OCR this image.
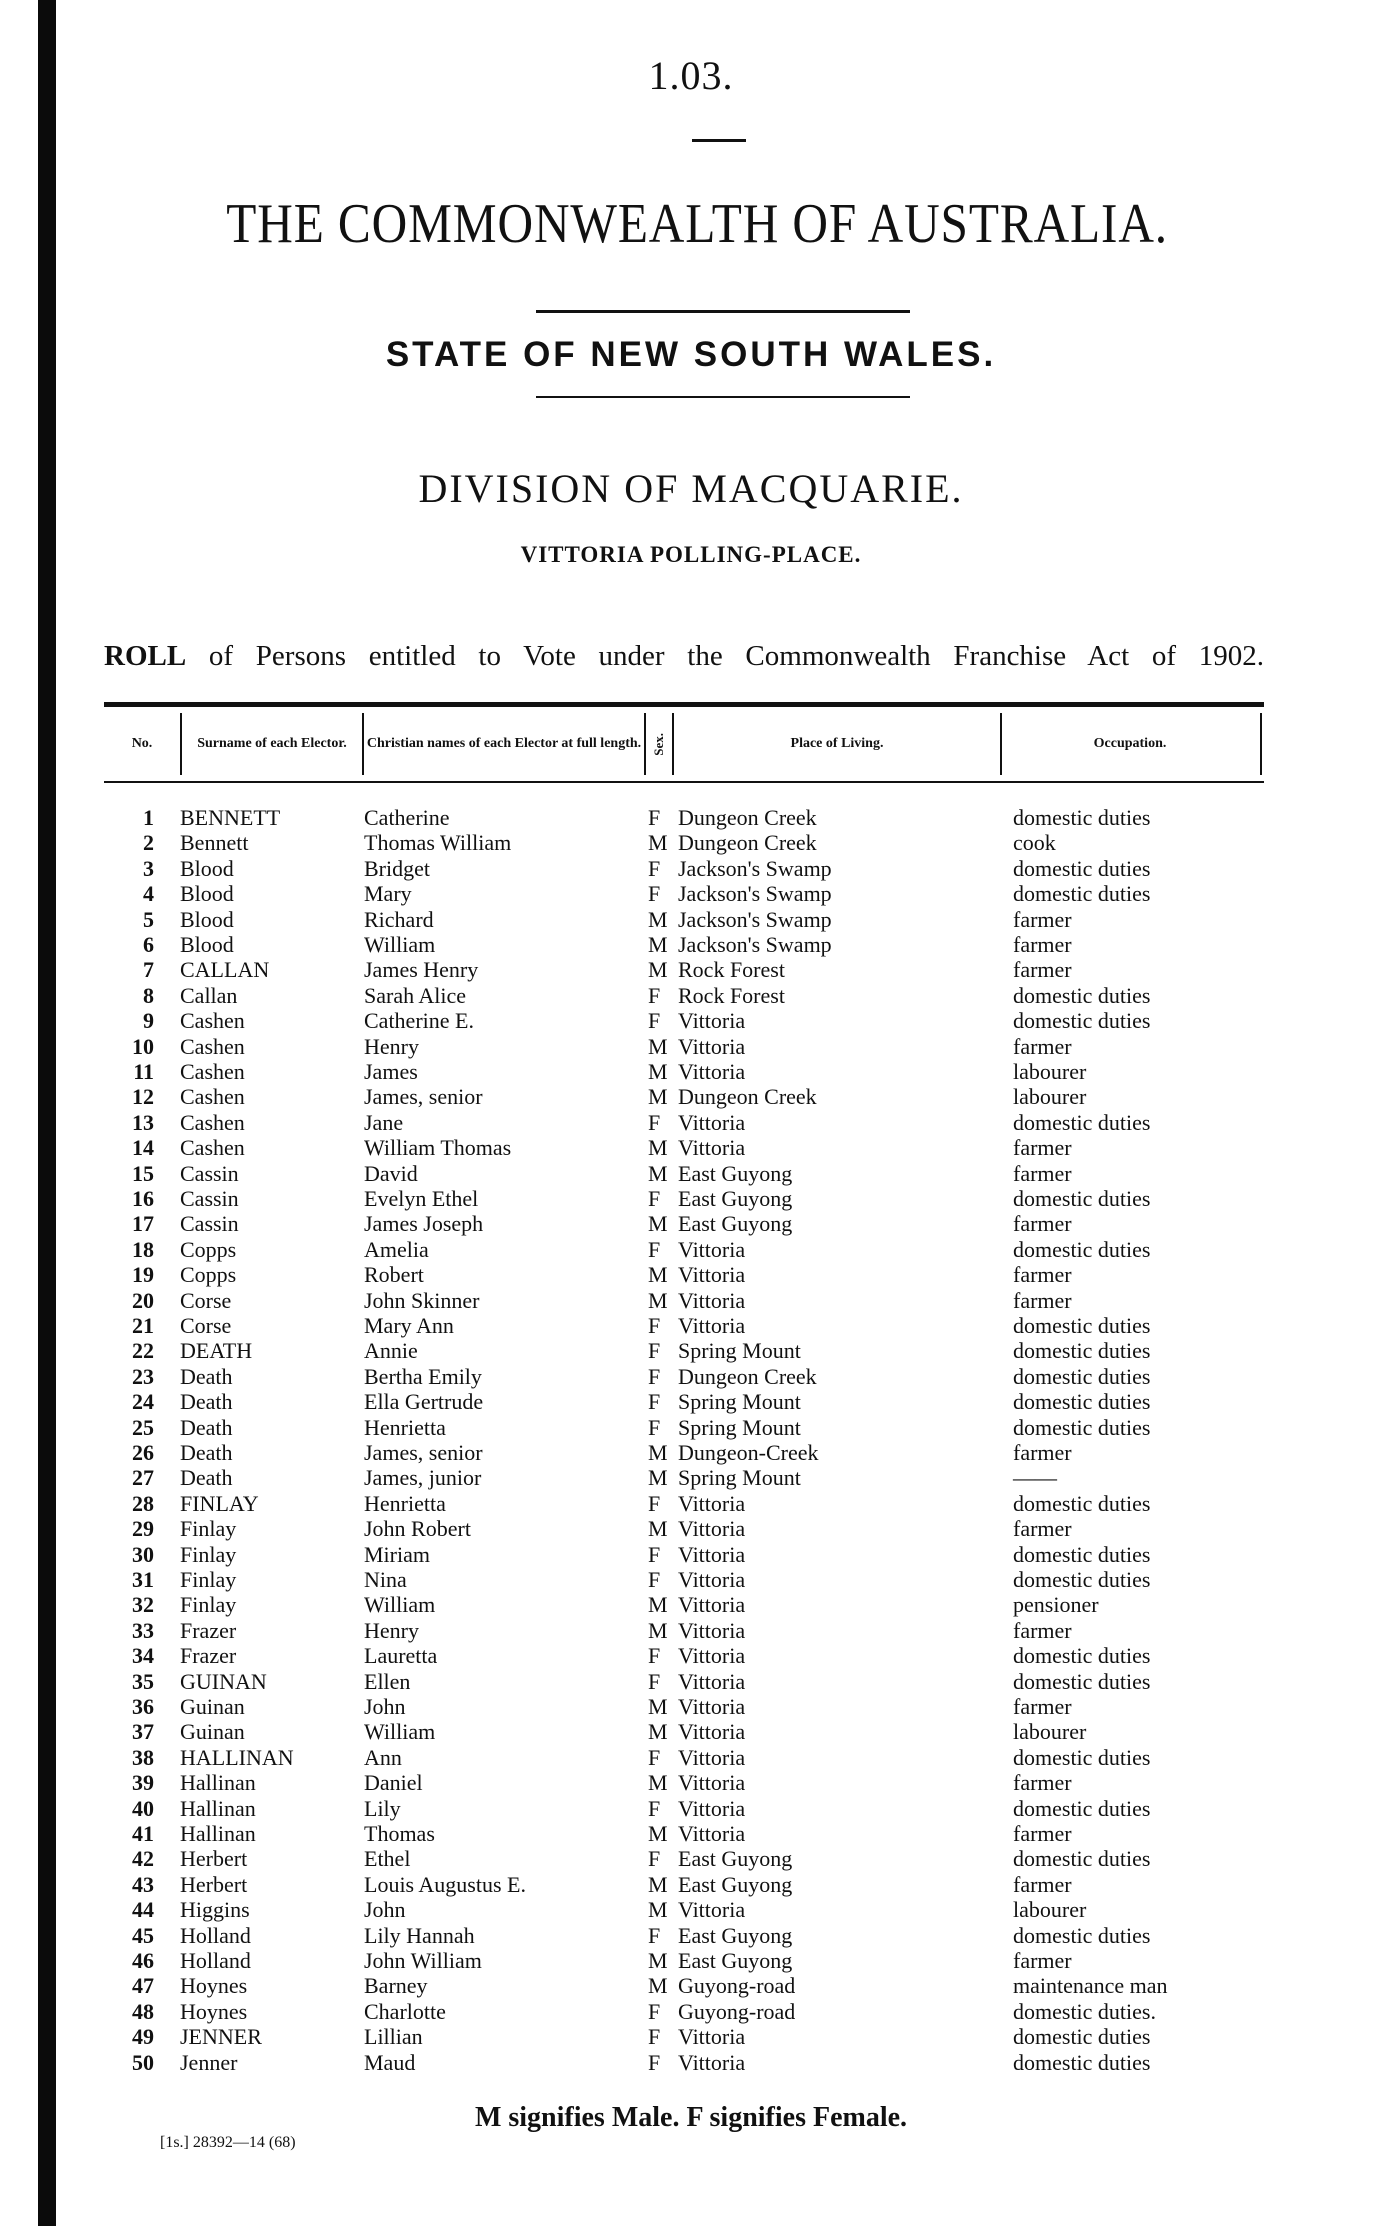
1.03.
THE COMMONWEALTH OF AUSTRALIA.
STATE OF NEW SOUTH WALES.
DIVISION OF MACQUARIE.
VITTORIA POLLING-PLACE.
ROLL of Persons entitled to Vote under the Commonwealth Franchise Act of 1902.
No.	Surname of each Elector.	Christian names of each Elector at full length. Sex.	Place of Living.	Occupation.
1 BENNETT	Catherine	F Dungeon Creek	domestic duties
2 Bennett	Thomas William	M Dungeon Creek	cook
3 Blood	Bridget	F Jackson's Swamp	domestic duties
4 Blood	Mary	F Jackson's Swamp	domestic duties
5 Blood	Richard	M Jackson's Swamp	farmer
6 Blood	William	M Jackson's Swamp	farmer
7 CALLAN	James Henry	M Rock Forest	farmer
8 Callan	Sarah Alice	F Rock Forest	domestic duties
9 Cashen	Catherine E.	F Vittoria	domestic duties
10 Cashen	Henry	M Vittoria	farmer
11 Cashen	James	M Vittoria	labourer
12 Cashen	James, senior	M Dungeon Creek	labourer
13 Cashen	Jane	F Vittoria	domestic duties
14 Cashen	William Thomas	M Vittoria	farmer
15 Cassin	David	M East Guyong	farmer
16 Cassin	Evelyn Ethel	F East Guyong	domestic duties
17 Cassin	James Joseph	M East Guyong	farmer
18 Copps	Amelia	F Vittoria	domestic duties
19 Copps	Robert	M Vittoria	farmer
20 Corse	John Skinner	M Vittoria	farmer
21 Corse	Mary Ann	F Vittoria	domestic duties
22 DEATH	Annie	F Spring Mount	domestic duties
23 Death	Bertha Emily	F Dungeon Creek	domestic duties
24 Death	Ella Gertrude	F Spring Mount	domestic duties
25 Death	Henrietta	F Spring Mount	domestic duties
26 Death	James, senior	M Dungeon-Creek	farmer
27 Death	James, junior	M Spring Mount	——
28 FINLAY	Henrietta	F Vittoria	domestic duties
29 Finlay	John Robert	M Vittoria	farmer
30 Finlay	Miriam	F Vittoria	domestic duties
31 Finlay	Nina	F Vittoria	domestic duties
32 Finlay	William	M Vittoria	pensioner
33 Frazer	Henry	M Vittoria	farmer
34 Frazer	Lauretta	F Vittoria	domestic duties
35 GUINAN	Ellen	F Vittoria	domestic duties
36 Guinan	John	M Vittoria	farmer
37 Guinan	William	M Vittoria	labourer
38 HALLINAN	Ann	F Vittoria	domestic duties
39 Hallinan	Daniel	M Vittoria	farmer
40 Hallinan	Lily	F Vittoria	domestic duties
41 Hallinan	Thomas	M Vittoria	farmer
42 Herbert	Ethel	F East Guyong	domestic duties
43 Herbert	Louis Augustus E.	M East Guyong	farmer
44 Higgins	John	M Vittoria	labourer
45 Holland	Lily Hannah	F East Guyong	domestic duties
46 Holland	John William	M East Guyong	farmer
47 Hoynes	Barney	M Guyong-road	maintenance man
48 Hoynes	Charlotte	F Guyong-road	domestic duties.
49 JENNER	Lillian	F Vittoria	domestic duties
50 Jenner	Maud	F Vittoria	domestic duties
M signifies Male. F signifies Female.
[1s.] 28392—14 (68)
